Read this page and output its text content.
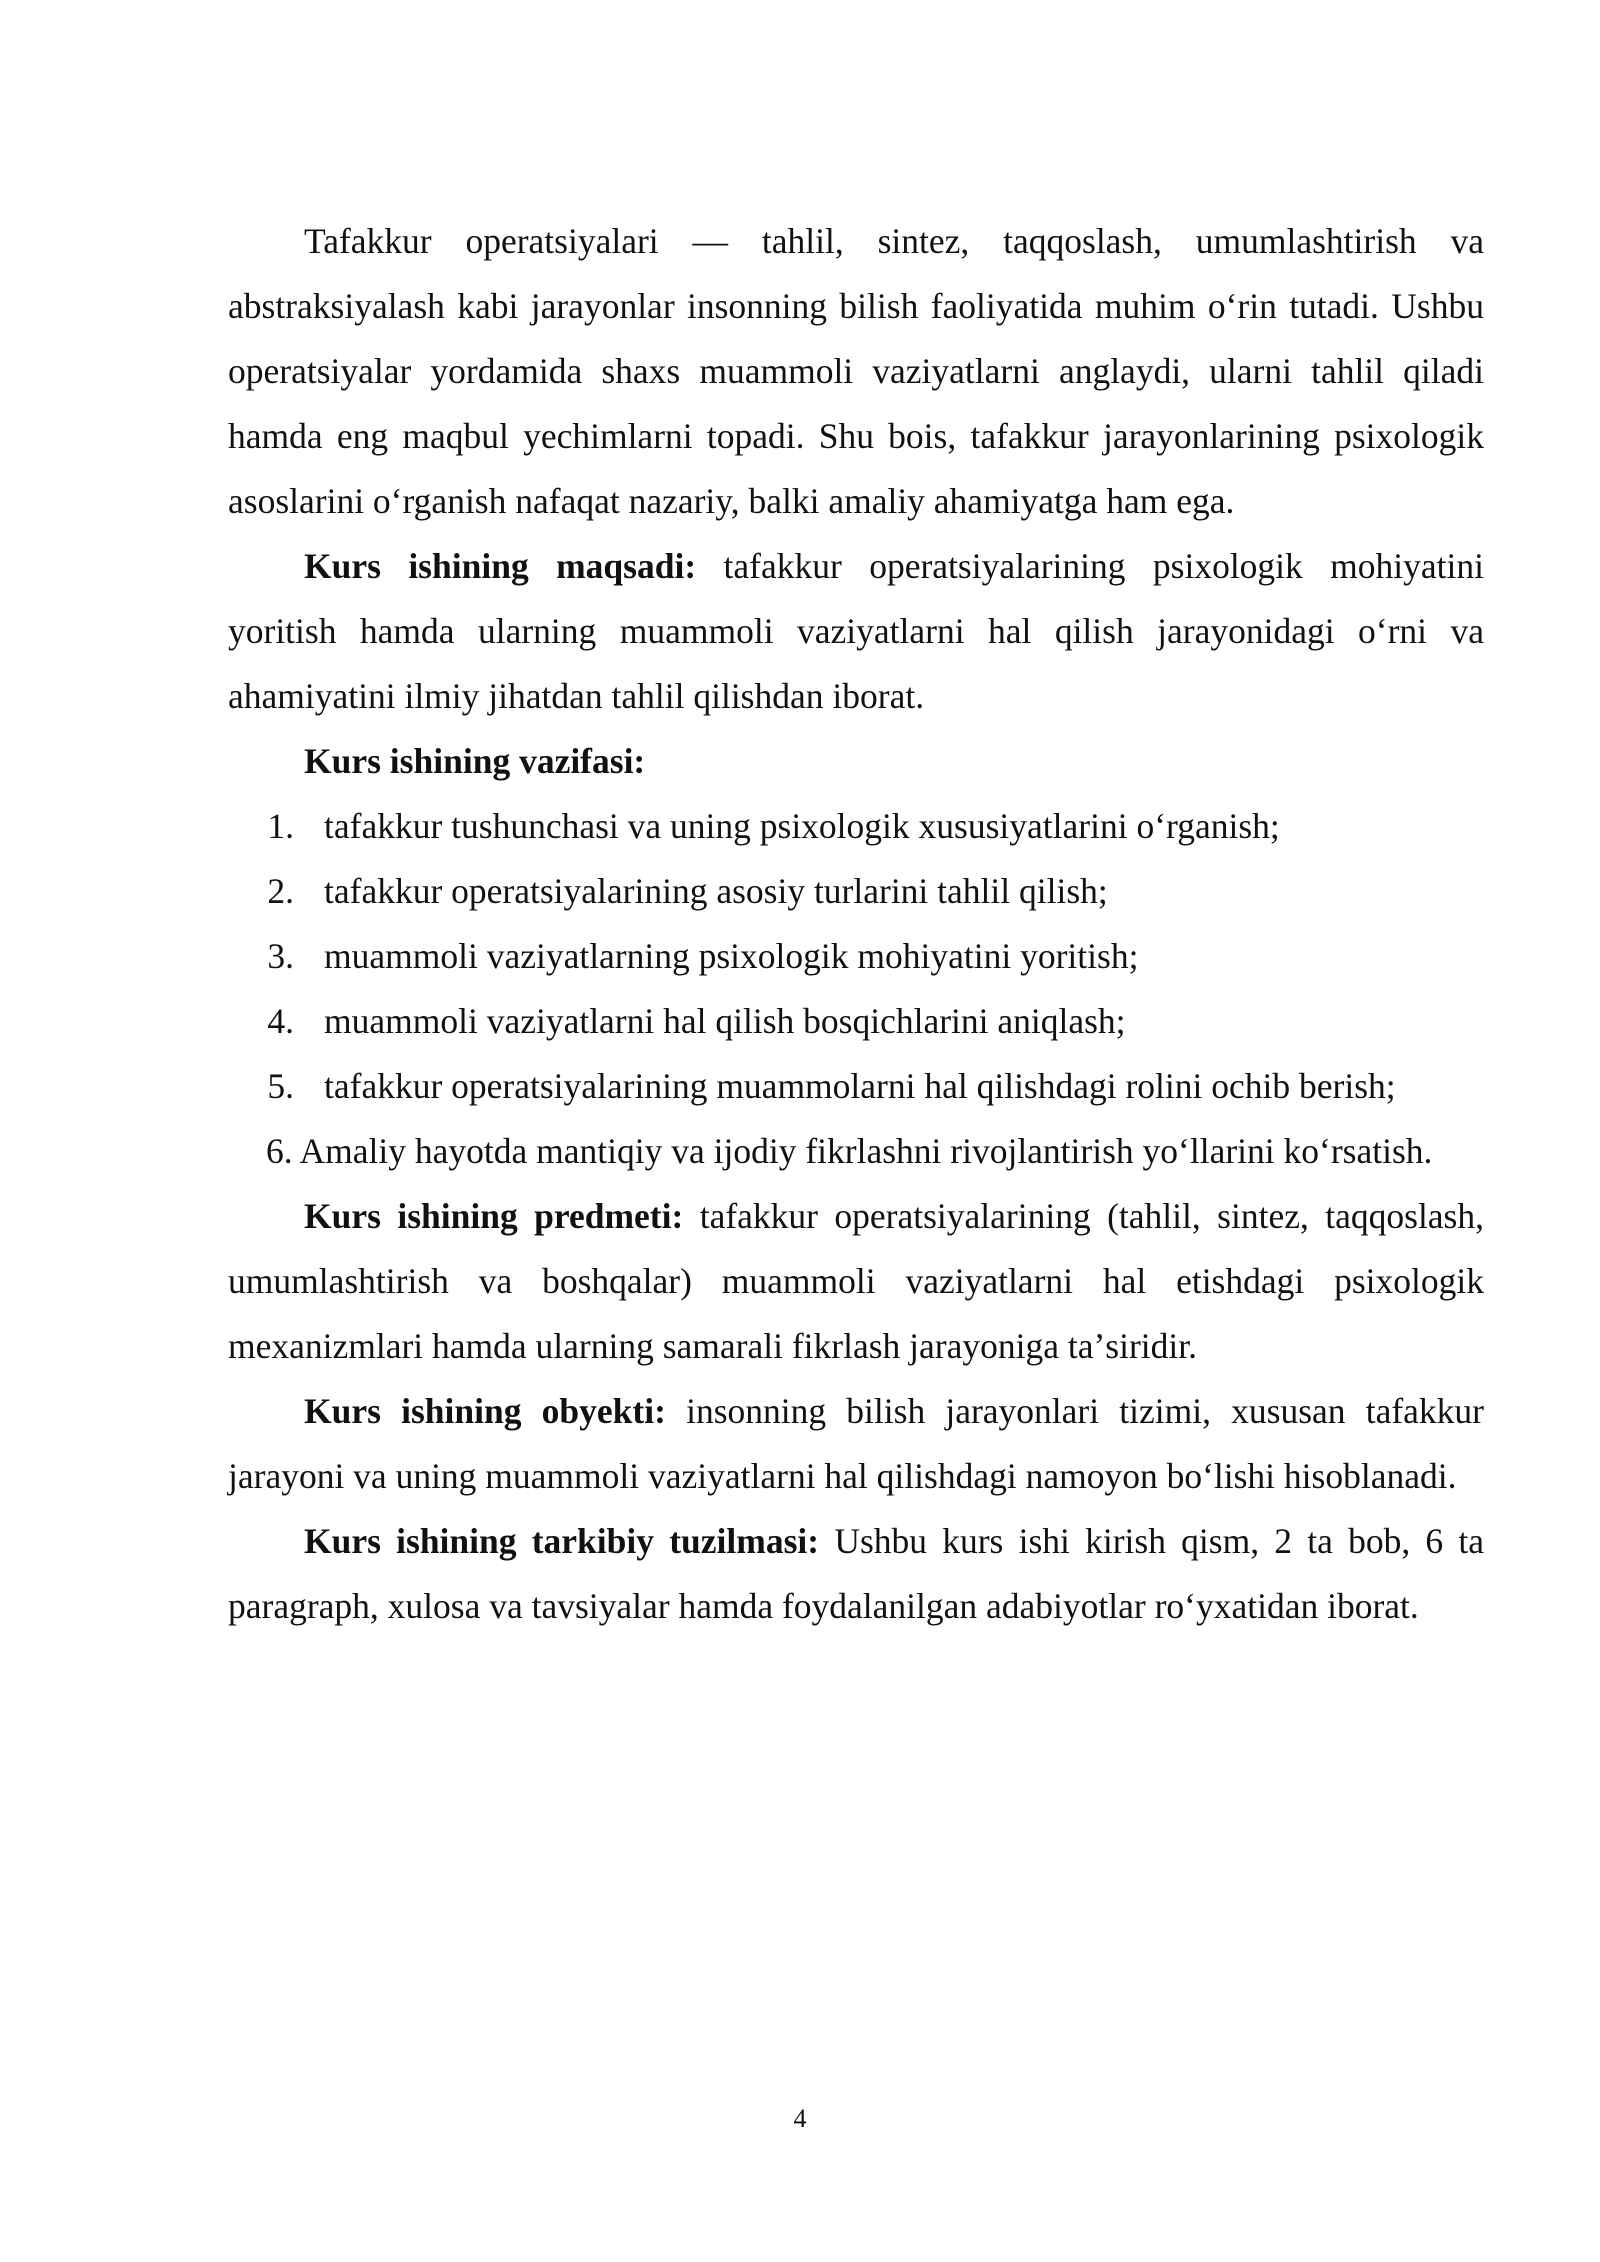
Tafakkur operatsiyalari — tahlil, sintez, taqqoslash, umumlashtirish va abstraksiyalash kabi jarayonlar insonning bilish faoliyatida muhim oʻrin tutadi. Ushbu operatsiyalar yordamida shaxs muammoli vaziyatlarni anglaydi, ularni tahlil qiladi hamda eng maqbul yechimlarni topadi. Shu bois, tafakkur jarayonlarining psixologik asoslarini oʻrganish nafaqat nazariy, balki amaliy ahamiyatga ham ega.

Kurs ishining maqsadi: tafakkur operatsiyalarining psixologik mohiyatini yoritish hamda ularning muammoli vaziyatlarni hal qilish jarayonidagi oʻrni va ahamiyatini ilmiy jihatdan tahlil qilishdan iborat.

Kurs ishining vazifasi:

1. tafakkur tushunchasi va uning psixologik xususiyatlarini oʻrganish;
2. tafakkur operatsiyalarining asosiy turlarini tahlil qilish;
3. muammoli vaziyatlarning psixologik mohiyatini yoritish;
4. muammoli vaziyatlarni hal qilish bosqichlarini aniqlash;
5. tafakkur operatsiyalarining muammolarni hal qilishdagi rolini ochib berish;
6. Amaliy hayotda mantiqiy va ijodiy fikrlashni rivojlantirish yoʻllarini koʻrsatish.

Kurs ishining predmeti: tafakkur operatsiyalarining (tahlil, sintez, taqqoslash, umumlashtirish va boshqalar) muammoli vaziyatlarni hal etishdagi psixologik mexanizmlari hamda ularning samarali fikrlash jarayoniga taʼsiridir.

Kurs ishining obyekti: insonning bilish jarayonlari tizimi, xususan tafakkur jarayoni va uning muammoli vaziyatlarni hal qilishdagi namoyon boʻlishi hisoblanadi.

Kurs ishining tarkibiy tuzilmasi: Ushbu kurs ishi kirish qism, 2 ta bob, 6 ta paragraph, xulosa va tavsiyalar hamda foydalanilgan adabiyotlar roʻyxatidan iborat.

4
